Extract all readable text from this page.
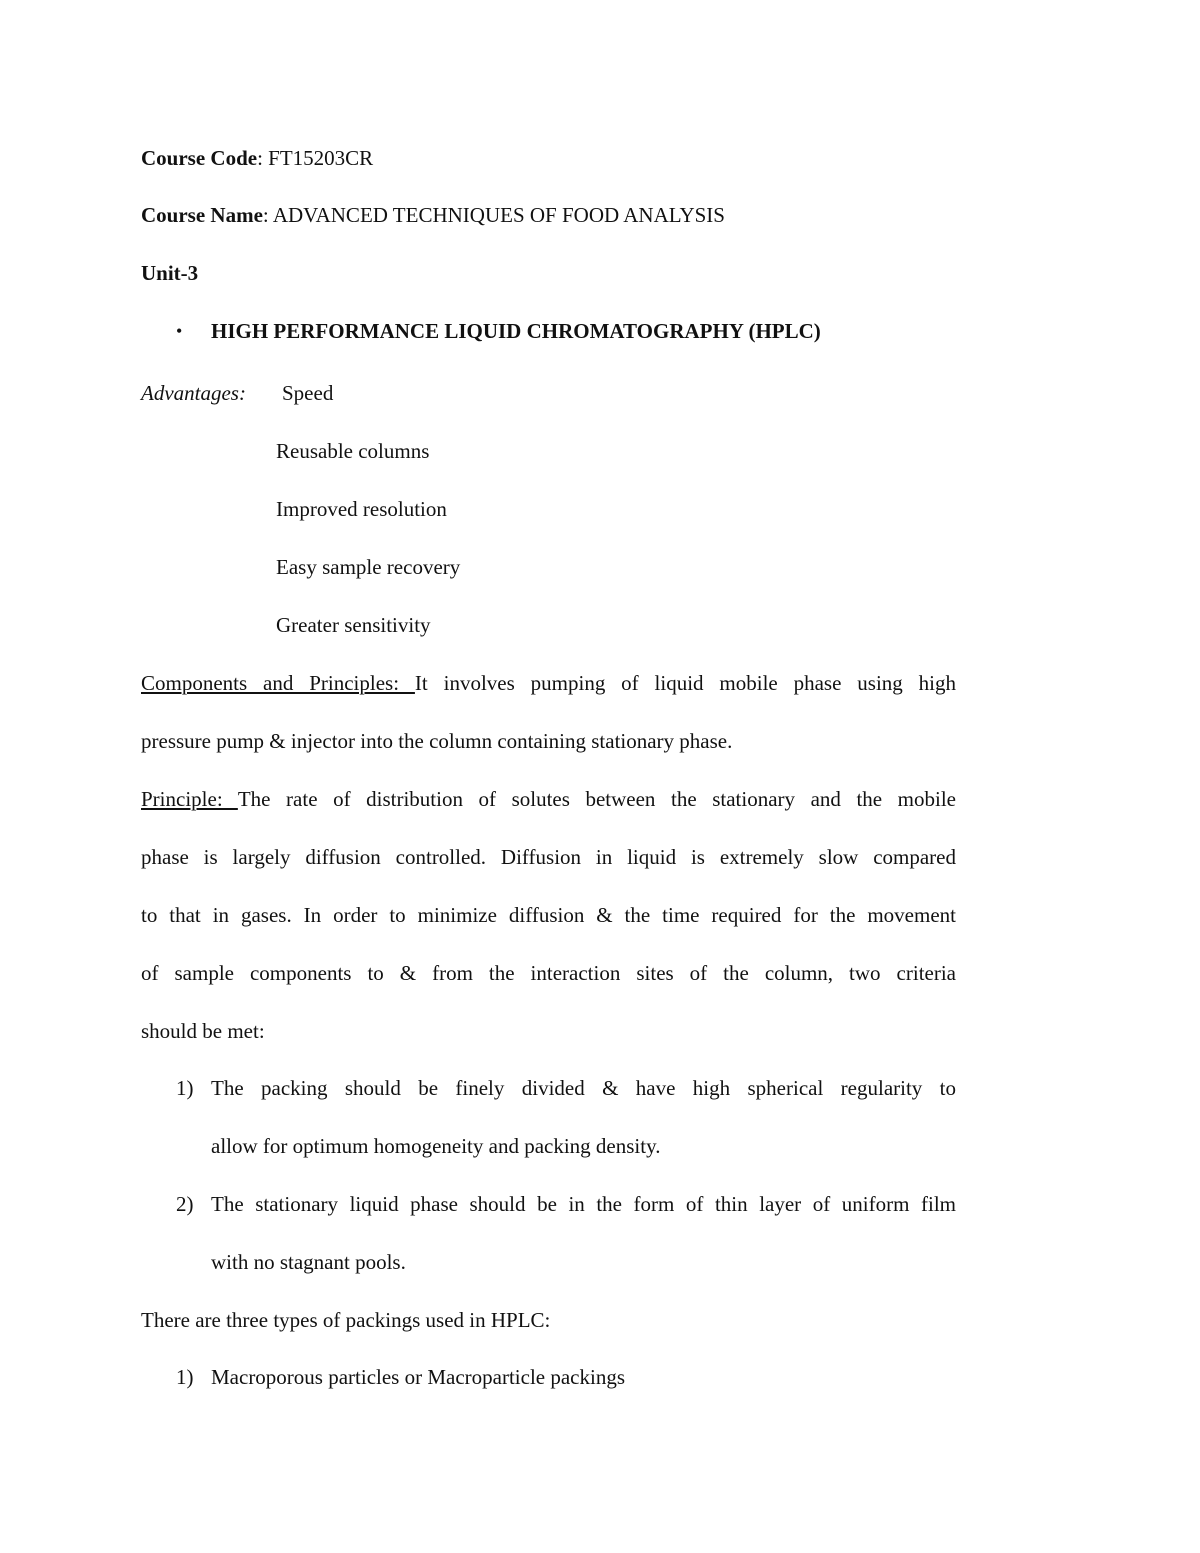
Course Code: FT15203CR
Course Name: ADVANCED TECHNIQUES OF FOOD ANALYSIS
Unit-3
• HIGH PERFORMANCE LIQUID CHROMATOGRAPHY (HPLC)
Advantages: Speed
Reusable columns
Improved resolution
Easy sample recovery
Greater sensitivity
Components and Principles: It involves pumping of liquid mobile phase using high
pressure pump & injector into the column containing stationary phase.
Principle: The rate of distribution of solutes between the stationary and the mobile
phase is largely diffusion controlled. Diffusion in liquid is extremely slow compared
to that in gases. In order to minimize diffusion & the time required for the movement
of sample components to & from the interaction sites of the column, two criteria
should be met:
1) The packing should be finely divided & have high spherical regularity to
allow for optimum homogeneity and packing density.
2) The stationary liquid phase should be in the form of thin layer of uniform film
with no stagnant pools.
There are three types of packings used in HPLC:
1) Macroporous particles or Macroparticle packings
